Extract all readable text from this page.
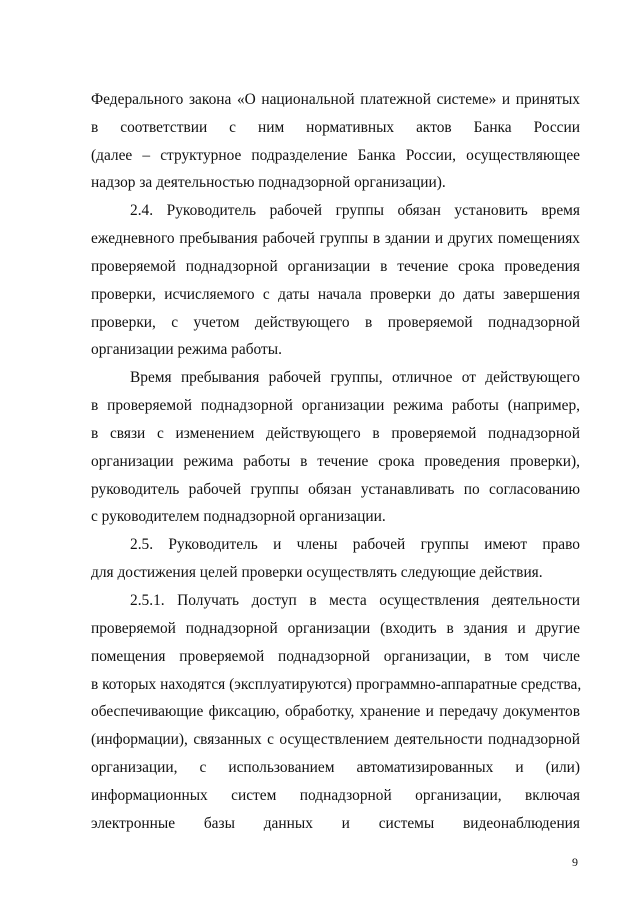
Федерального закона «О национальной платежной системе» и принятых
в соответствии с ним нормативных актов Банка России
(далее – структурное подразделение Банка России, осуществляющее
надзор за деятельностью поднадзорной организации).
2.4. Руководитель рабочей группы обязан установить время
ежедневного пребывания рабочей группы в здании и других помещениях
проверяемой поднадзорной организации в течение срока проведения
проверки, исчисляемого с даты начала проверки до даты завершения
проверки, с учетом действующего в проверяемой поднадзорной
организации режима работы.
Время пребывания рабочей группы, отличное от действующего
в проверяемой поднадзорной организации режима работы (например,
в связи с изменением действующего в проверяемой поднадзорной
организации режима работы в течение срока проведения проверки),
руководитель рабочей группы обязан устанавливать по согласованию
с руководителем поднадзорной организации.
2.5. Руководитель и члены рабочей группы имеют право
для достижения целей проверки осуществлять следующие действия.
2.5.1. Получать доступ в места осуществления деятельности
проверяемой поднадзорной организации (входить в здания и другие
помещения проверяемой поднадзорной организации, в том числе
в которых находятся (эксплуатируются) программно-аппаратные средства,
обеспечивающие фиксацию, обработку, хранение и передачу документов
(информации), связанных с осуществлением деятельности поднадзорной
организации, с использованием автоматизированных и (или)
информационных систем поднадзорной организации, включая
электронные базы данных и системы видеонаблюдения
9
